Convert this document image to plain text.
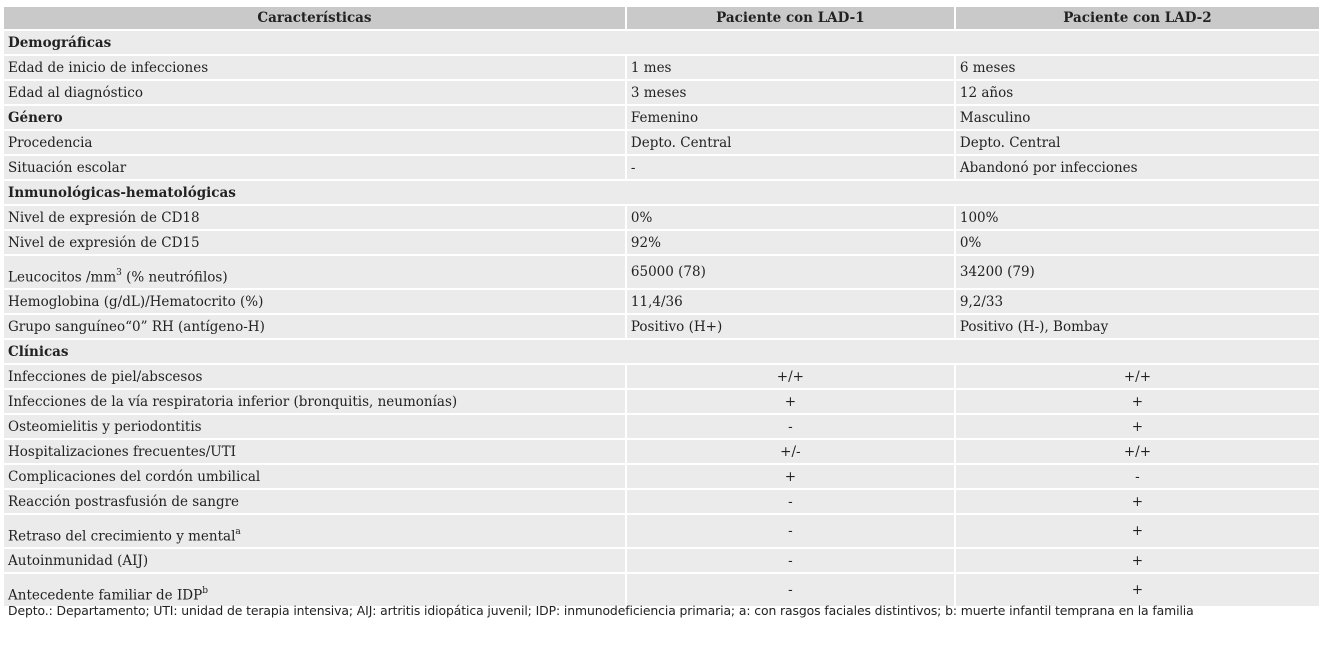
Características	Paciente con LAD-1	Paciente con LAD-2
Demográficas		
Edad de inicio de infecciones	1 mes	6 meses
Edad al diagnóstico	3 meses	12 años
Género	Femenino	Masculino
Procedencia	Depto. Central	Depto. Central
Situación escolar	-	Abandonó por infecciones
Inmunológicas-hematológicas		
Nivel de expresión de CD18	0%	100%
Nivel de expresión de CD15	92%	0%
Leucocitos $/mm^3$ (% neutrófilos)	65000 (78)	34200 (79)
Hemoglobina (g/dL)/Hematocrito (%)	11,4/36	9,2/33
Grupo sanguíneo“0” RH (antígeno-H)	Positivo (H+)	Positivo (H-), Bombay
Clínicas		
Infecciones de piel/abscesos	+/+	+/+
Infecciones de la vía respiratoria inferior (bronquitis, neumonías)	+	+
Osteomielitis y periodontitis	-	+
Hospitalizaciones frecuentes/UTI	+/-	+/+
Complicaciones del cordón umbilical	+	-
Reacción postrasfusión de sangre	-	+
Retraso del crecimiento y mental$^a$	-	+
Autoinmunidad (AIJ)	-	+
Antecedente familiar de IDP$^b$	-	+
Depto.: Departamento; UTI: unidad de terapia intensiva; AIJ: artritis idiopática juvenil; IDP: inmunodeficiencia primaria; a: con rasgos faciales distintivos; b: muerte infantil temprana en la familia
